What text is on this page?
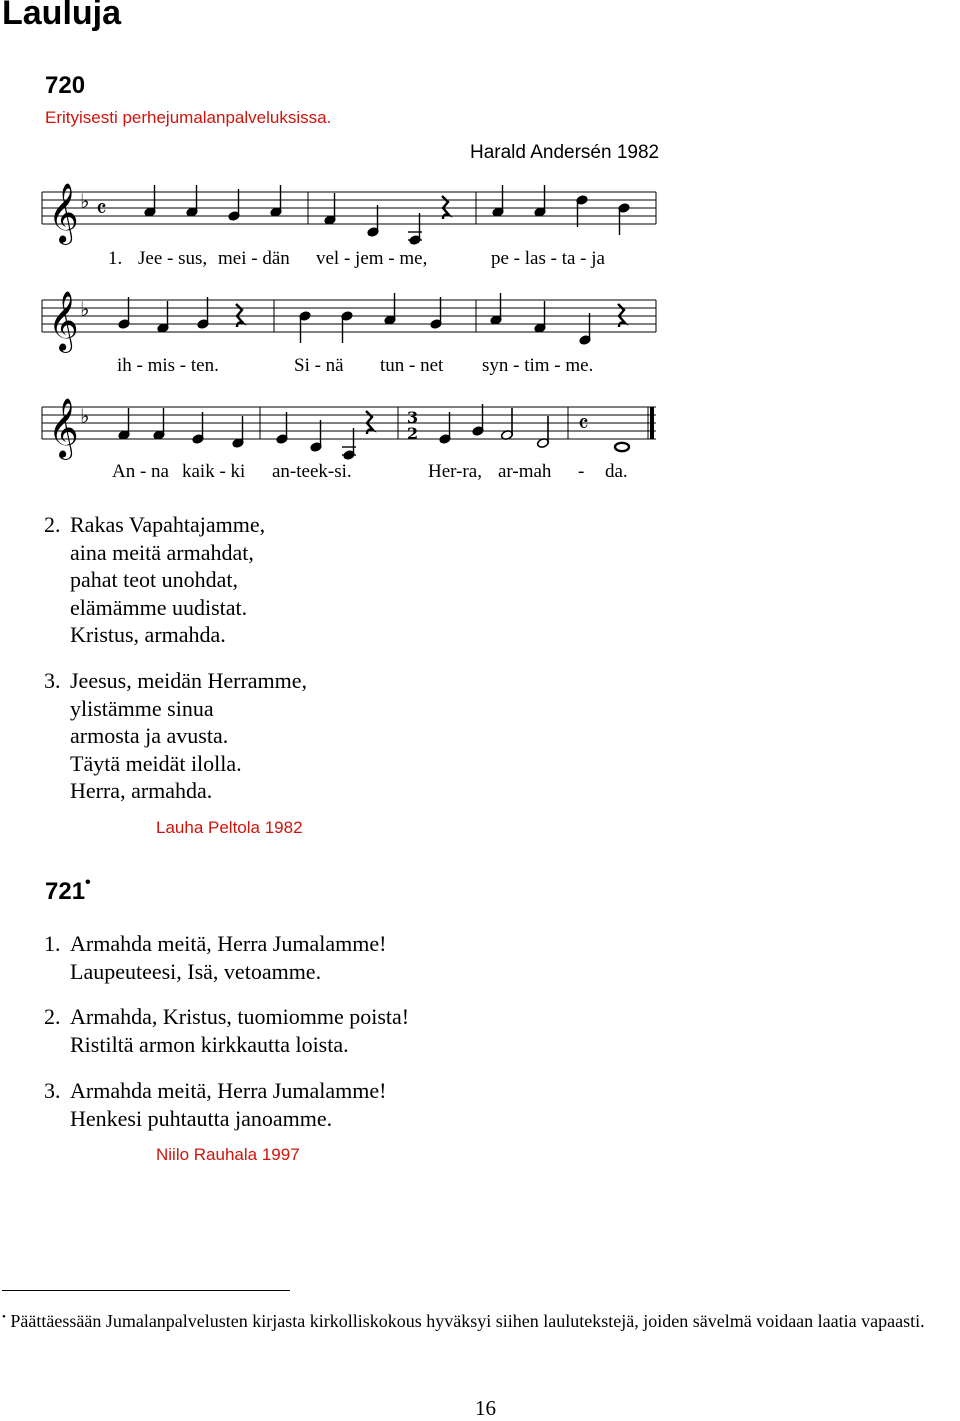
Lauluja
720
Erityisesti perhejumalanpalveluksissa.
Harald Andersén 1982
𝄞 ♭ 𝄴
1. Jee - sus, mei - dän vel - jem - me,	pe - las - ta - ja
𝄞 ♭
ih - mis - ten.	Si - nä tun - net syn - tim - me.
𝄞 ♭	3
2	𝄴
An - na kaik - ki an-teek-si.	Her-ra, ar-mah - da.
2. Rakas Vapahtajamme,
aina meitä armahdat,
pahat teot unohdat,
elämämme uudistat.
Kristus, armahda.
3. Jeesus, meidän Herramme,
ylistämme sinua
armosta ja avusta.
Täytä meidät ilolla.
Herra, armahda.
Lauha Peltola 1982
721•
1. Armahda meitä, Herra Jumalamme!
Laupeuteesi, Isä, vetoamme.
2. Armahda, Kristus, tuomiomme poista!
Ristiltä armon kirkkautta loista.
3. Armahda meitä, Herra Jumalamme!
Henkesi puhtautta janoamme.
Niilo Rauhala 1997
• Päättäessään Jumalanpalvelusten kirjasta kirkolliskokous hyväksyi siihen laulutekstejä, joiden sävelmä voidaan laatia vapaasti.
16
